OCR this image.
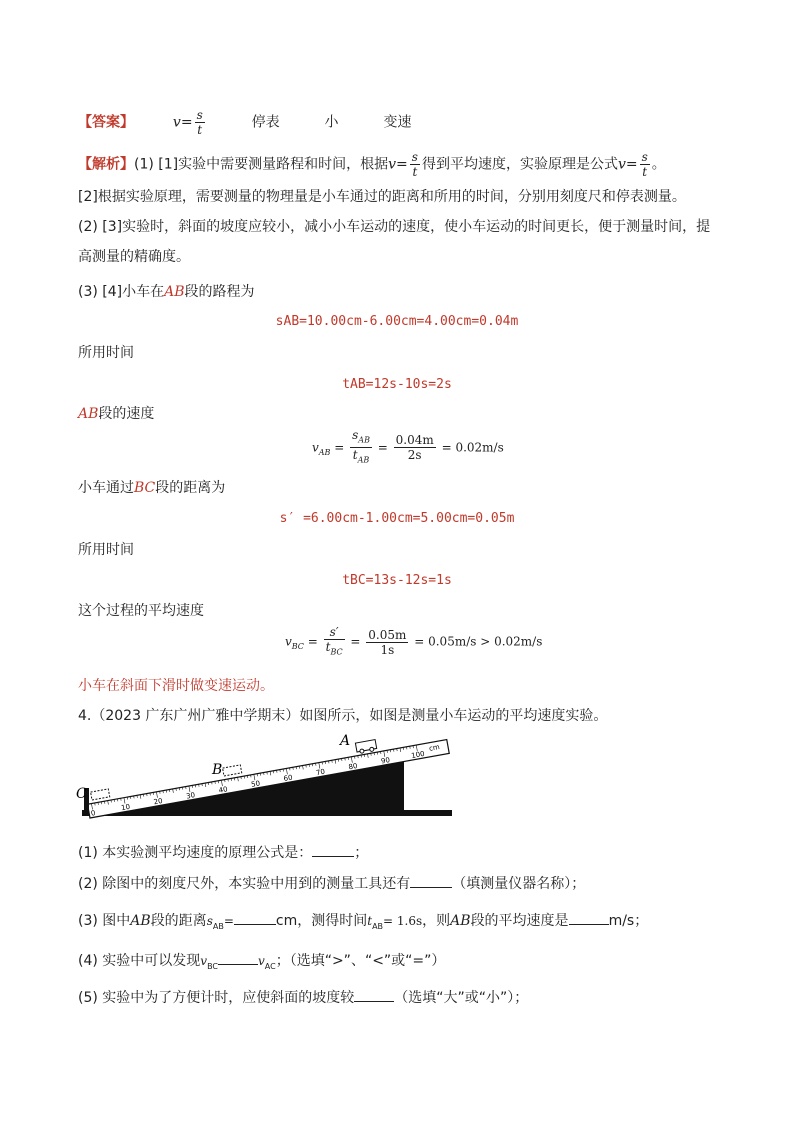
【答案】	$v= \frac{s}{t}$	停表	小	变速
【解析】(1) [1]实验中需要测量路程和时间，根据$v= \frac{s}{t}$ 得到平均速度，实验原理是公式$v= \frac{s}{t}$ 。
[2]根据实验原理，需要测量的物理量是小车通过的距离和所用的时间，分别用刻度尺和停表测量。
(2) [3]实验时，斜面的坡度应较小，减小小车运动的速度，使小车运动的时间更长，便于测量时间，提
高测量的精确度。
(3) [4]小车在AB段的路程为
sAB=10.00cm-6.00cm=4.00cm=0.04m
所用时间
tAB=12s-10s=2s
AB段的速度
$v_{AB} = \frac{s_{AB}}{t_{AB}} = \frac{0.04m}{2s} = 0.02m/s$
小车通过BC段的距离为
s′ =6.00cm-1.00cm=5.00cm=0.05m
所用时间
tBC=13s-12s=1s
这个过程的平均速度
$v_{BC} = \frac{s'}{t_{BC}} = \frac{0.05m}{1s} = 0.05m/s > 0.02m/s$
小车在斜面下滑时做变速运动。
4.（2023 广东广州广雅中学期末）如图所示，如图是测量小车运动的平均速度实验。
0
10
20
30
40
50
60
70
80
90
100
cm
C
B
A
(1) 本实验测平均速度的原理公式是：	；
(2) 除图中的刻度尺外，本实验中用到的测量工具还有	（填测量仪器名称）；
(3) 图中AB段的距离$s_{AB}=$	cm，测得时间$t_{AB}= 1.6s$，则AB段的平均速度是	m/s；
(4) 实验中可以发现$v_{BC}$	$v_{AC}$；（选填“>”、“<”或“=”）
(5) 实验中为了方便计时，应使斜面的坡度较	（选填“大”或“小”）；
